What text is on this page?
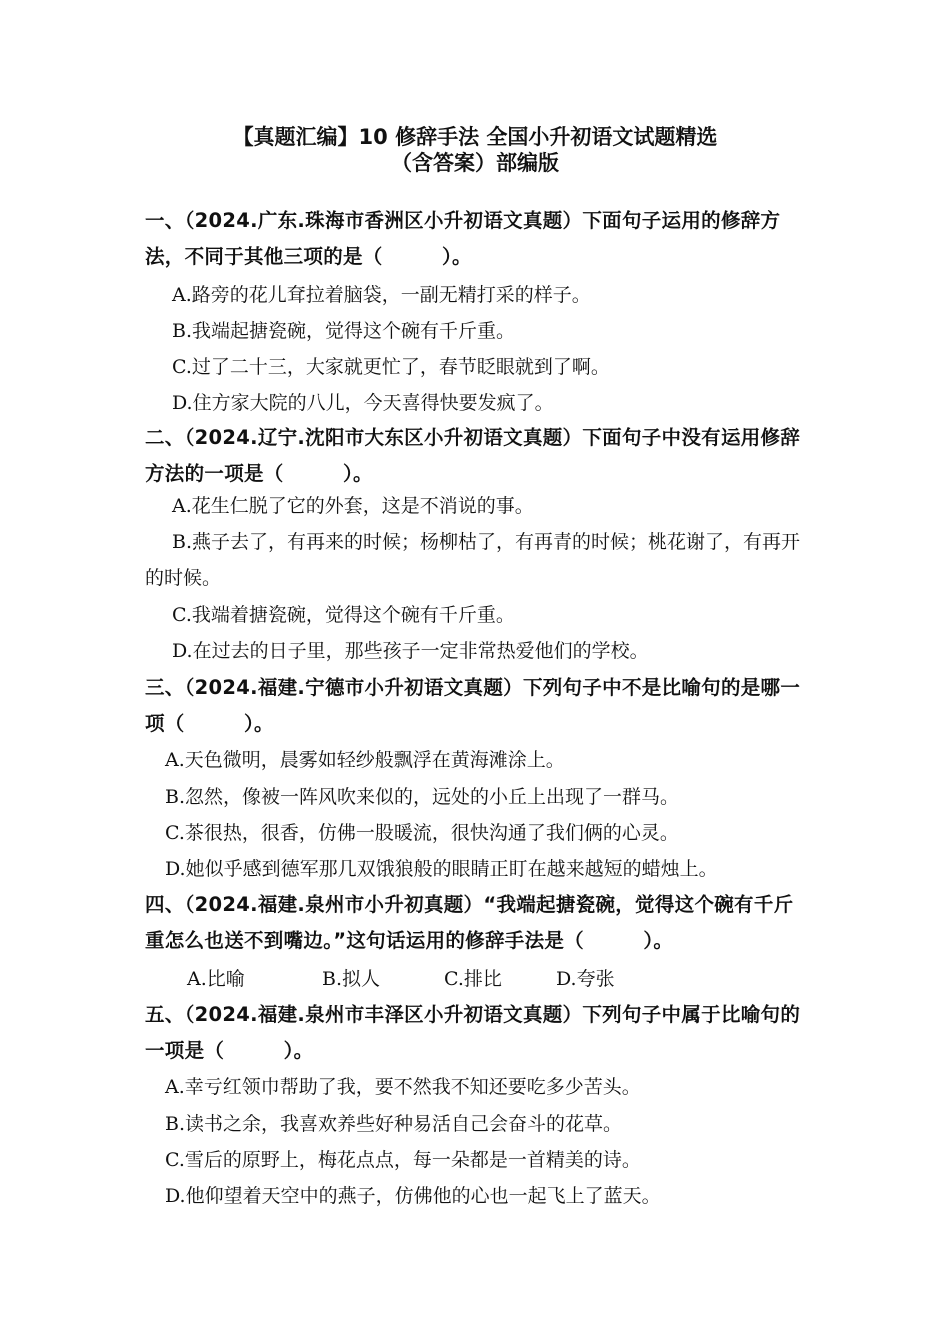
【真题汇编】10 修辞手法 全国小升初语文试题精选
（含答案）部编版
一、（2024.广东.珠海市香洲区小升初语文真题）下面句子运用的修辞方法，不同于其他三项的是（　　　）。
A.路旁的花儿耷拉着脑袋，一副无精打采的样子。
B.我端起搪瓷碗，觉得这个碗有千斤重。
C.过了二十三，大家就更忙了，春节眨眼就到了啊。
D.住方家大院的八儿，今天喜得快要发疯了。
二、（2024.辽宁.沈阳市大东区小升初语文真题）下面句子中没有运用修辞方法的一项是（　　　）。
A.花生仁脱了它的外套，这是不消说的事。
B.燕子去了，有再来的时候；杨柳枯了，有再青的时候；桃花谢了，有再开的时候。
C.我端着搪瓷碗，觉得这个碗有千斤重。
D.在过去的日子里，那些孩子一定非常热爱他们的学校。
三、（2024.福建.宁德市小升初语文真题）下列句子中不是比喻句的是哪一项（　　　）。
A.天色微明，晨雾如轻纱般飘浮在黄海滩涂上。
B.忽然，像被一阵风吹来似的，远处的小丘上出现了一群马。
C.茶很热，很香，仿佛一股暖流，很快沟通了我们俩的心灵。
D.她似乎感到德军那几双饿狼般的眼睛正盯在越来越短的蜡烛上。
四、（2024.福建.泉州市小升初真题）“我端起搪瓷碗，觉得这个碗有千斤重怎么也送不到嘴边。”这句话运用的修辞手法是（　　　）。
A.比喻	B.拟人	C.排比	D.夸张
五、（2024.福建.泉州市丰泽区小升初语文真题）下列句子中属于比喻句的一项是（　　　）。
A.幸亏红领巾帮助了我，要不然我不知还要吃多少苦头。
B.读书之余，我喜欢养些好种易活自己会奋斗的花草。
C.雪后的原野上，梅花点点，每一朵都是一首精美的诗。
D.他仰望着天空中的燕子，仿佛他的心也一起飞上了蓝天。
